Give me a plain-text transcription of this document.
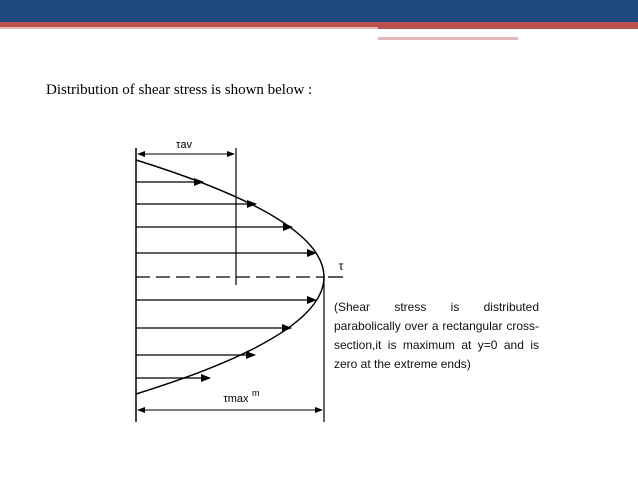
Distribution of shear stress is shown below :

τav
τ
τmax m
(Shear stress is distributed parabolically over a rectangular cross-section,it is maximum at y=0 and is zero at the extreme ends)
